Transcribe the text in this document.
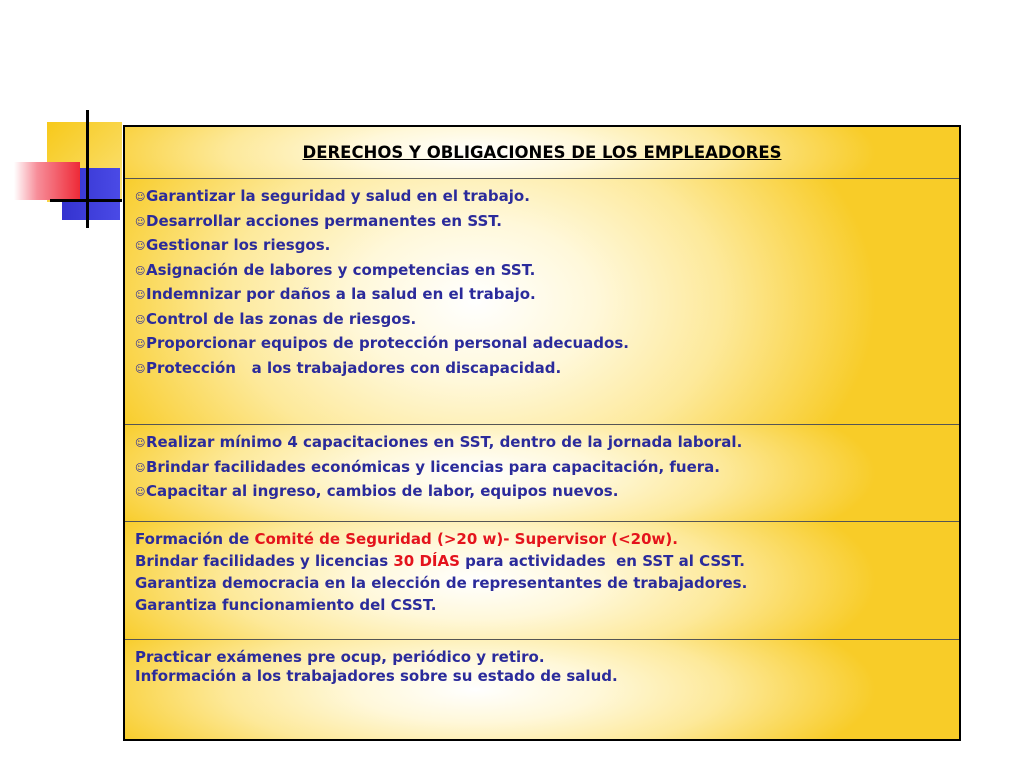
DERECHOS Y OBLIGACIONES DE LOS EMPLEADORES
☺Garantizar la seguridad y salud en el trabajo.
☺Desarrollar acciones permanentes en SST.
☺Gestionar los riesgos.
☺Asignación de labores y competencias en SST.
☺Indemnizar por daños a la salud en el trabajo.
☺Control de las zonas de riesgos.
☺Proporcionar equipos de protección personal adecuados.
☺Protección   a los trabajadores con discapacidad.
☺Realizar mínimo 4 capacitaciones en SST, dentro de la jornada laboral.
☺Brindar facilidades económicas y licencias para capacitación, fuera.
☺Capacitar al ingreso, cambios de labor, equipos nuevos.
Formación de Comité de Seguridad (>20 w)- Supervisor (<20w).
Brindar facilidades y licencias 30 DÍAS para actividades  en SST al CSST.
Garantiza democracia en la elección de representantes de trabajadores.
Garantiza funcionamiento del CSST.
Practicar exámenes pre ocup, periódico y retiro.
Información a los trabajadores sobre su estado de salud.
